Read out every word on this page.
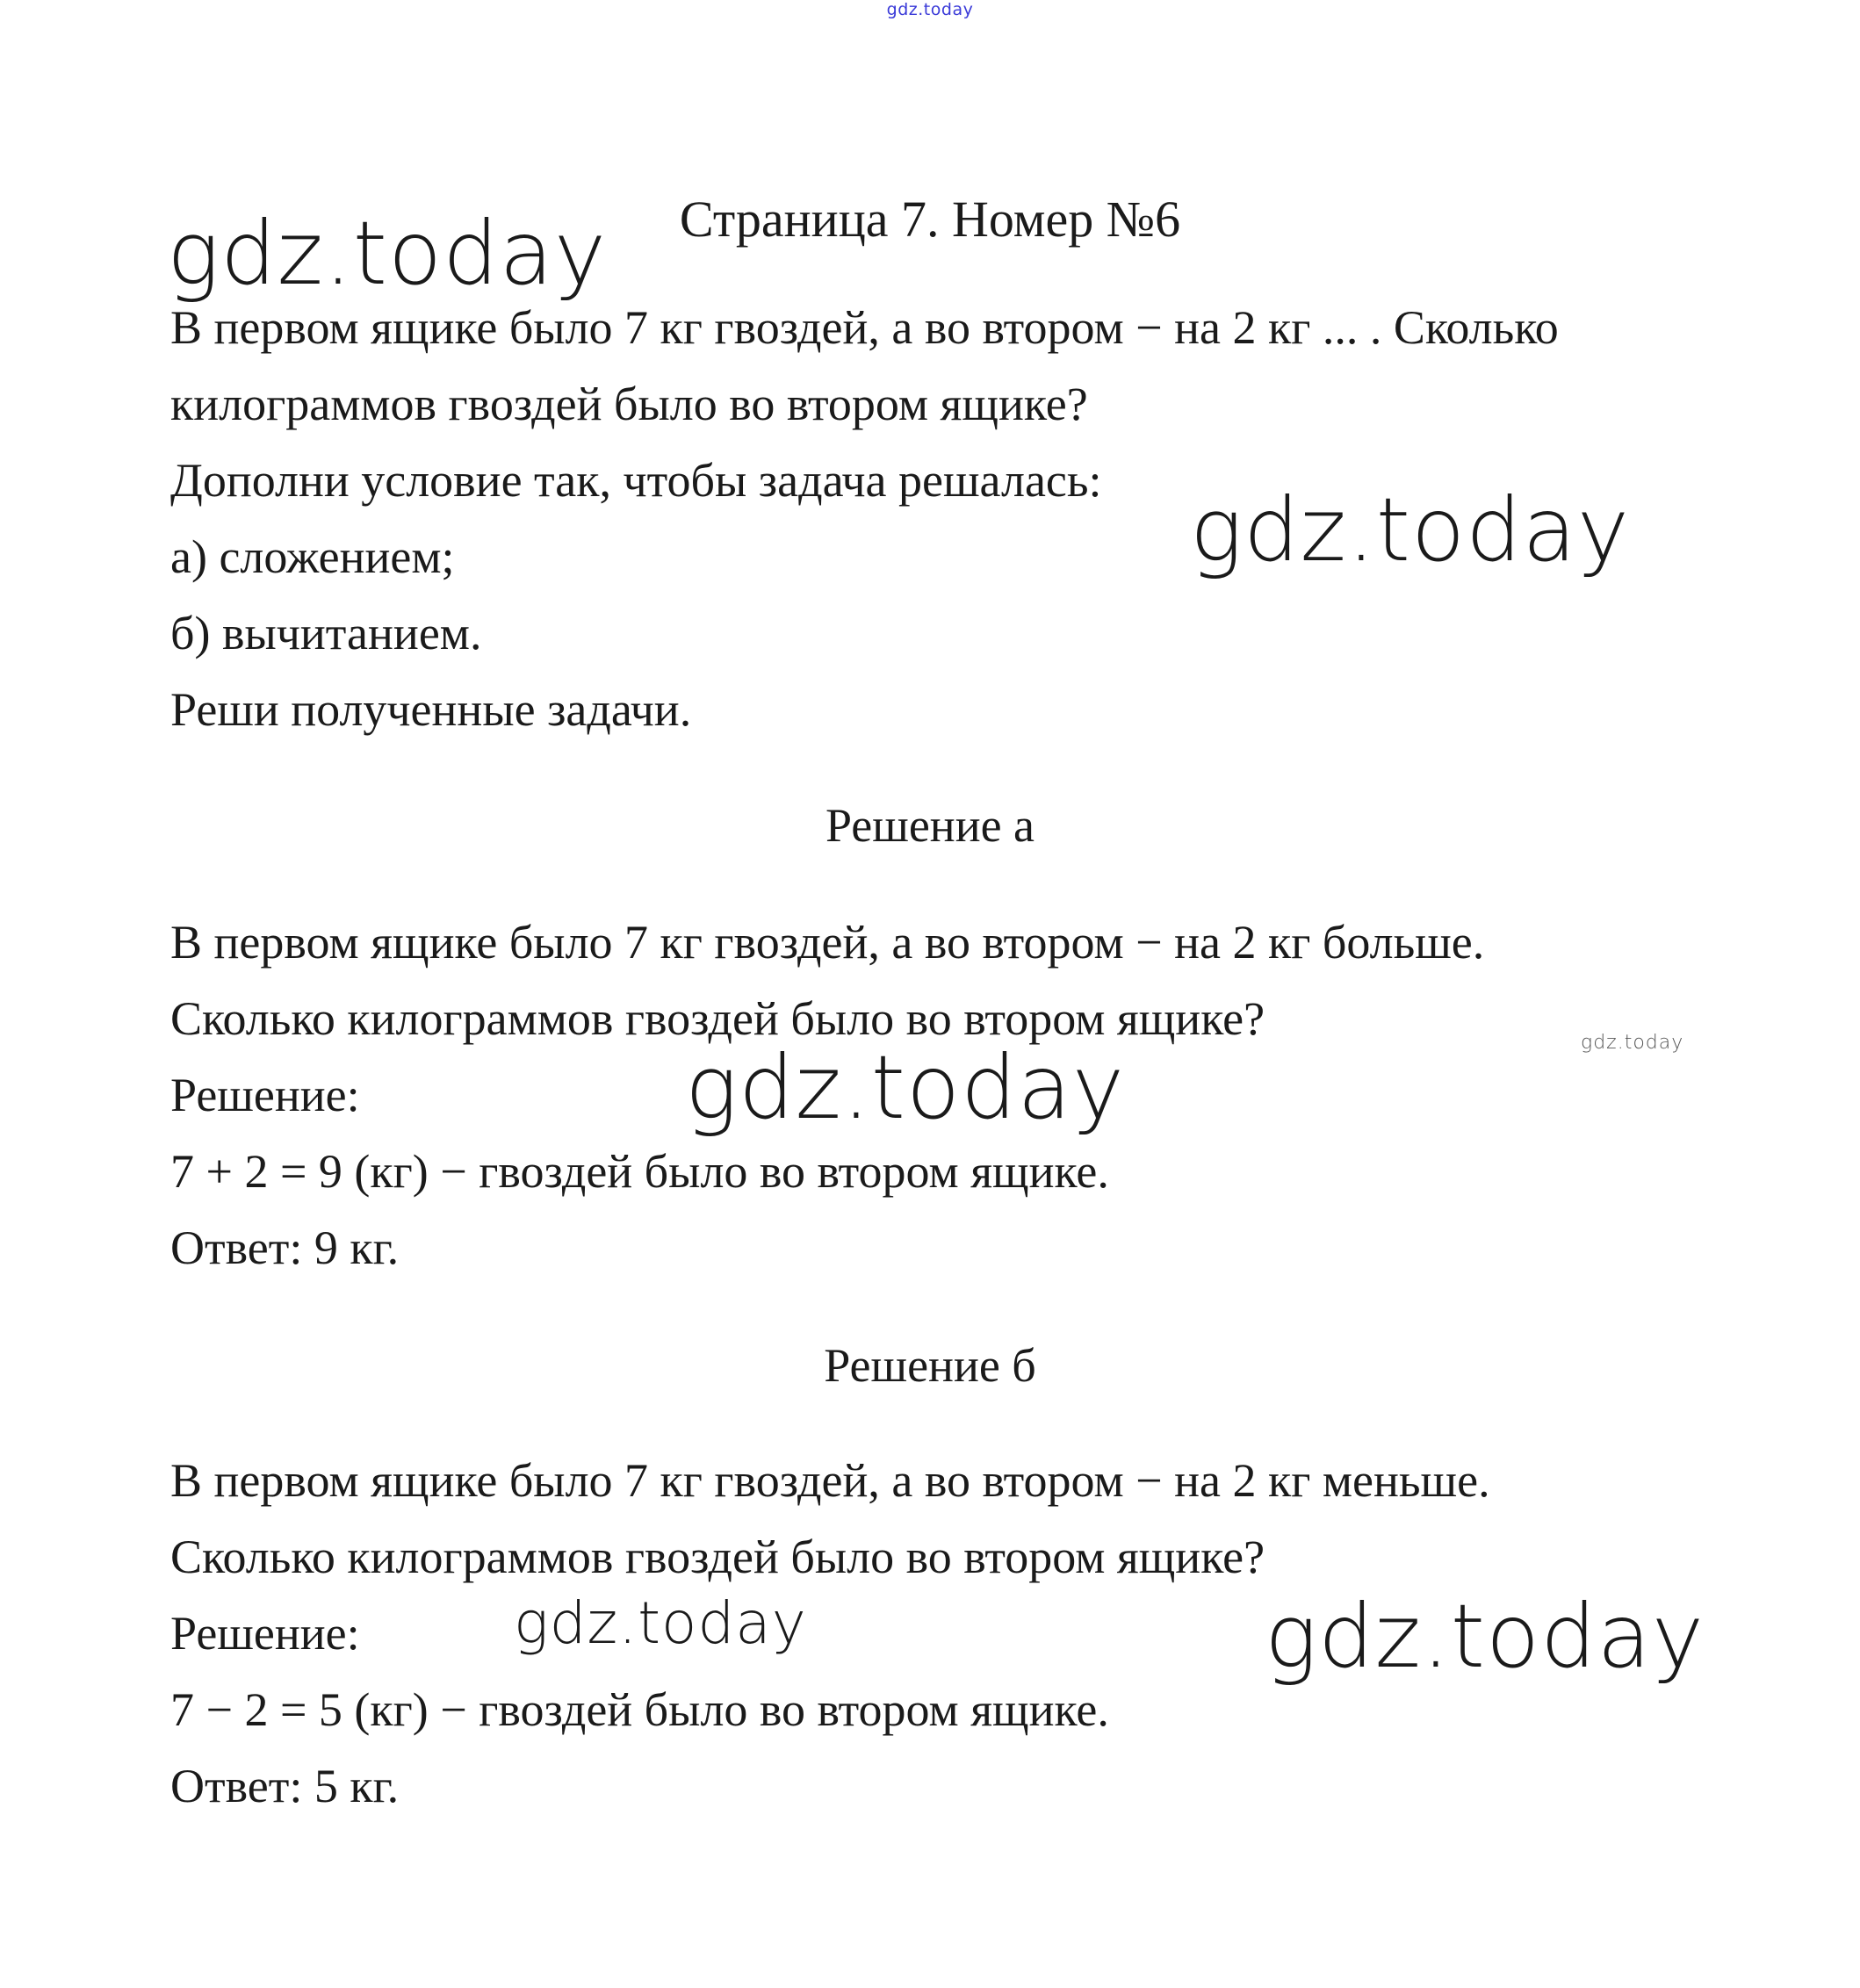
gdz.today
Страница 7. Номер №6
В первом ящике было 7 кг гвоздей, а во втором − на 2 кг ... . Сколько
килограммов гвоздей было во втором ящике?
Дополни условие так, чтобы задача решалась:
а) сложением;
б) вычитанием.
Реши полученные задачи.
Решение а
В первом ящике было 7 кг гвоздей, а во втором − на 2 кг больше.
Сколько килограммов гвоздей было во втором ящике?
Решение:
7 + 2 = 9 (кг) − гвоздей было во втором ящике.
Ответ: 9 кг.
Решение б
В первом ящике было 7 кг гвоздей, а во втором − на 2 кг меньше.
Сколько килограммов гвоздей было во втором ящике?
Решение:
7 − 2 = 5 (кг) − гвоздей было во втором ящике.
Ответ: 5 кг.
gdz.today
gdz.today
gdz.today	gdz.today
gdz.today	gdz.today
